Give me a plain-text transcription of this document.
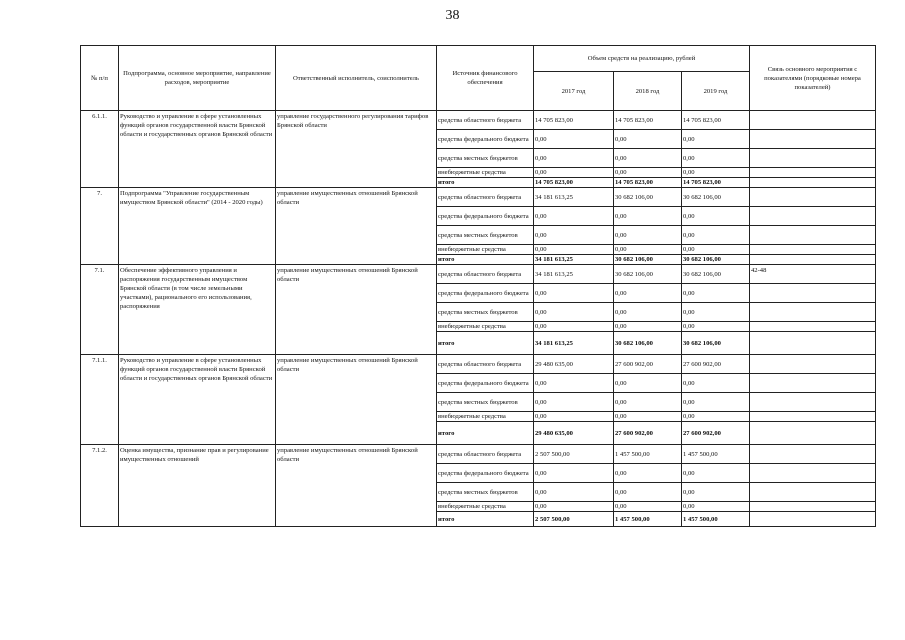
38
№ п/п	Подпрограмма, основное мероприятие, направление расходов, мероприятие	Ответственный исполнитель, соисполнитель	Источник финансового обеспечения	Объем средств на реализацию, рублей			Связь основного мероприятия с показателями (порядковые номера показателей)
				2017 год	2018 год	2019 год	
6.1.1.	Руководство и управление в сфере установленных функций органов государственной власти Брянской области и государственных органов Брянской области	управление государственного регулирования тарифов Брянской области	средства областного бюджета	14 705 823,00	14 705 823,00	14 705 823,00	
			средства федерального бюджета	0,00	0,00	0,00	
			средства местных бюджетов	0,00	0,00	0,00	
			внебюджетные средства	0,00	0,00	0,00	
			итого	14 705 823,00	14 705 823,00	14 705 823,00	
7.	Подпрограмма "Управление государственным имуществом Брянской области" (2014 - 2020 годы)	управление имущественных отношений Брянской области	средства областного бюджета	34 181 613,25	30 682 106,00	30 682 106,00	
			средства федерального бюджета	0,00	0,00	0,00	
			средства местных бюджетов	0,00	0,00	0,00	
			внебюджетные средства	0,00	0,00	0,00	
			итого	34 181 613,25	30 682 106,00	30 682 106,00	
7.1.	Обеспечение эффективного управления и распоряжения государственным имуществом Брянской области (в том числе земельными участками), рационального его использования, распоряжения	управление имущественных отношений Брянской области	средства областного бюджета	34 181 613,25	30 682 106,00	30 682 106,00	42-48
			средства федерального бюджета	0,00	0,00	0,00	
			средства местных бюджетов	0,00	0,00	0,00	
			внебюджетные средства	0,00	0,00	0,00	
			итого	34 181 613,25	30 682 106,00	30 682 106,00	
7.1.1.	Руководство и управление в сфере установленных функций органов государственной власти Брянской области и государственных органов Брянской области	управление имущественных отношений Брянской области	средства областного бюджета	29 480 635,00	27 600 902,00	27 600 902,00	
			средства федерального бюджета	0,00	0,00	0,00	
			средства местных бюджетов	0,00	0,00	0,00	
			внебюджетные средства	0,00	0,00	0,00	
			итого	29 480 635,00	27 600 902,00	27 600 902,00	
7.1.2.	Оценка имущества, признание прав и регулирование имущественных отношений	управление имущественных отношений Брянской области	средства областного бюджета	2 507 500,00	1 457 500,00	1 457 500,00	
			средства федерального бюджета	0,00	0,00	0,00	
			средства местных бюджетов	0,00	0,00	0,00	
			внебюджетные средства	0,00	0,00	0,00	
			итого	2 507 500,00	1 457 500,00	1 457 500,00	
